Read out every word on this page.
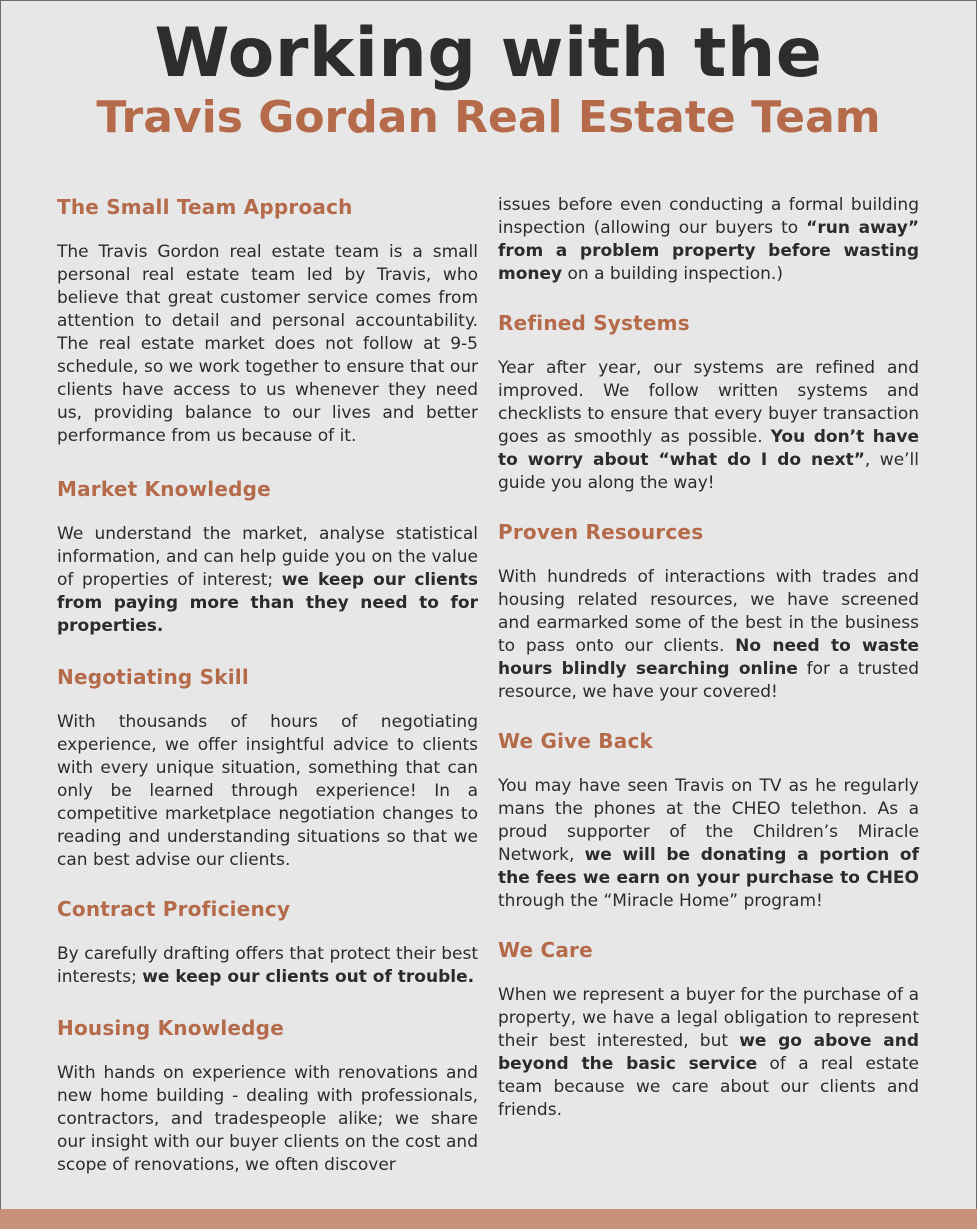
Working with the
Travis Gordan Real Estate Team
The Small Team Approach

The Travis Gordon real estate team is a small personal real estate team led by Travis, who believe that great customer service comes from attention to detail and personal accountability. The real estate market does not follow at 9-5 schedule, so we work together to ensure that our clients have access to us whenever they need us, providing balance to our lives and better performance from us because of it.

Market Knowledge

We understand the market, analyse statistical information, and can help guide you on the value of properties of interest; we keep our clients from paying more than they need to for properties.

Negotiating Skill

With thousands of hours of negotiating experience, we offer insightful advice to clients with every unique situation, something that can only be learned through experience! In a competitive marketplace negotiation changes to reading and understanding situations so that we can best advise our clients.

Contract Proficiency

By carefully drafting offers that protect their best interests; we keep our clients out of trouble.

Housing Knowledge

With hands on experience with renovations and new home building - dealing with professionals, contractors, and tradespeople alike; we share our insight with our buyer clients on the cost and scope of renovations, we often discover

issues before even conducting a formal building inspection (allowing our buyers to “run away” from a problem property before wasting money on a building inspection.)

Refined Systems

Year after year, our systems are refined and improved. We follow written systems and checklists to ensure that every buyer transaction goes as smoothly as possible. You don’t have to worry about “what do I do next”, we’ll guide you along the way!

Proven Resources

With hundreds of interactions with trades and housing related resources, we have screened and earmarked some of the best in the business to pass onto our clients. No need to waste hours blindly searching online for a trusted resource, we have your covered!

We Give Back

You may have seen Travis on TV as he regularly mans the phones at the CHEO telethon. As a proud supporter of the Children’s Miracle Network, we will be donating a portion of the fees we earn on your purchase to CHEO through the “Miracle Home” program!

We Care

When we represent a buyer for the purchase of a property, we have a legal obligation to represent their best interested, but we go above and beyond the basic service of a real estate team because we care about our clients and friends.
